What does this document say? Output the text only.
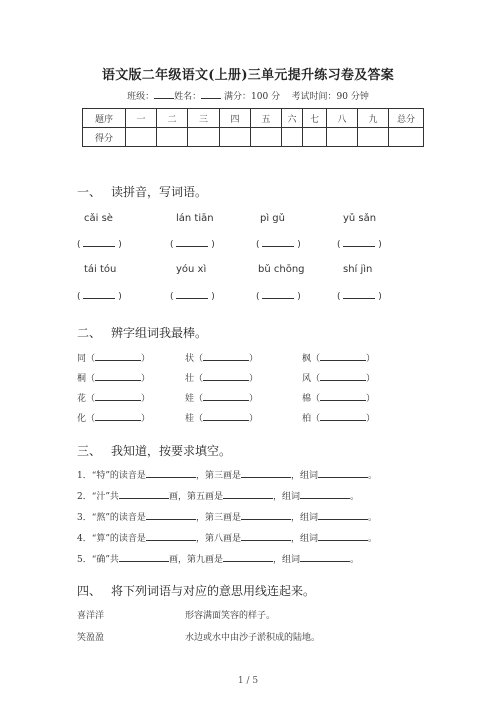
语文版二年级语文(上册)三单元提升练习卷及答案
班级： 姓名：	满分：100 分 考试时间：90 分钟
题序	一	二	三	四	五	六	七	八	九	总分
得分										
一、 读拼音，写词语。
cǎi sè	lán tiān	pì gǔ	yǔ sǎn
(	)	(	)	(	)	(	)
tái tóu	yóu xì	bǔ chōng	shí jìn
(	)	(	)	(	)	(	)
二、 辨字组词我最棒。
同（	）	状（	）	枫（	）
桐（	）	壮（	）	风（	）
花（	）	娃（	）	棉（	）
化（	）	桂（	）	柏（	）
三、 我知道，按要求填空。
1．“特”的读音是	，第三画是	，组词	。
2．“汁”共	画，第五画是	，组词	。
3．“熬”的读音是	，第三画是	，组词	。
4．“算”的读音是	，第八画是	，组词	。
5．“确”共	画，第九画是	，组词	。
四、 将下列词语与对应的意思用线连起来。
喜洋洋	形容满面笑容的样子。
笑盈盈	水边或水中由沙子淤积成的陆地。
1 / 5
